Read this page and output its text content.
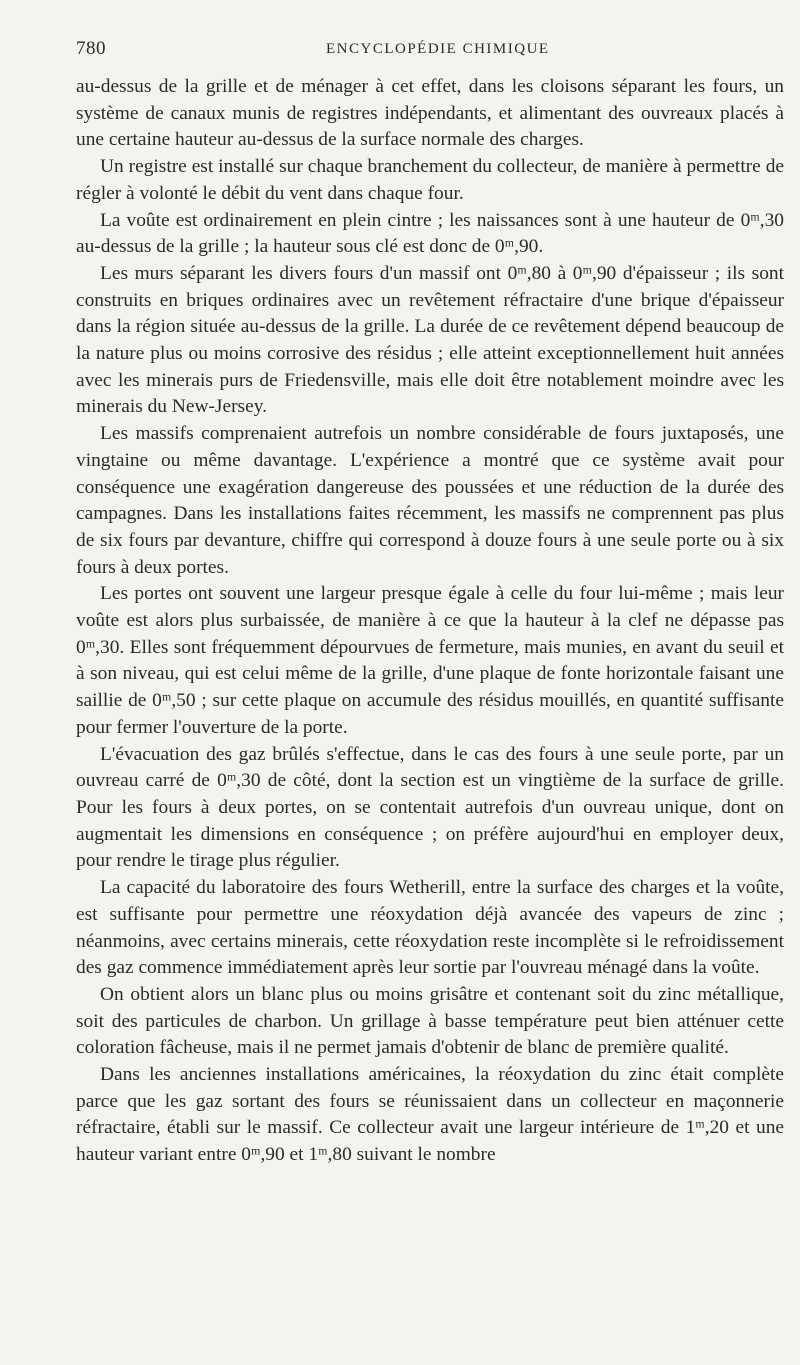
780	ENCYCLOPÉDIE CHIMIQUE

au-dessus de la grille et de ménager à cet effet, dans les cloisons séparant les fours, un système de canaux munis de registres indépendants, et alimentant des ouvreaux placés à une certaine hauteur au-dessus de la surface normale des charges.

Un registre est installé sur chaque branchement du collecteur, de manière à permettre de régler à volonté le débit du vent dans chaque four.

La voûte est ordinairement en plein cintre ; les naissances sont à une hauteur de 0ᵐ,30 au-dessus de la grille ; la hauteur sous clé est donc de 0ᵐ,90.

Les murs séparant les divers fours d'un massif ont 0ᵐ,80 à 0ᵐ,90 d'épaisseur ; ils sont construits en briques ordinaires avec un revêtement réfractaire d'une brique d'épaisseur dans la région située au-dessus de la grille. La durée de ce revêtement dépend beaucoup de la nature plus ou moins corrosive des résidus ; elle atteint exceptionnellement huit années avec les minerais purs de Friedensville, mais elle doit être notablement moindre avec les minerais du New-Jersey.

Les massifs comprenaient autrefois un nombre considérable de fours juxtaposés, une vingtaine ou même davantage. L'expérience a montré que ce système avait pour conséquence une exagération dangereuse des poussées et une réduction de la durée des campagnes. Dans les installations faites récemment, les massifs ne comprennent pas plus de six fours par devanture, chiffre qui correspond à douze fours à une seule porte ou à six fours à deux portes.

Les portes ont souvent une largeur presque égale à celle du four lui-même ; mais leur voûte est alors plus surbaissée, de manière à ce que la hauteur à la clef ne dépasse pas 0ᵐ,30. Elles sont fréquemment dépourvues de fermeture, mais munies, en avant du seuil et à son niveau, qui est celui même de la grille, d'une plaque de fonte horizontale faisant une saillie de 0ᵐ,50 ; sur cette plaque on accumule des résidus mouillés, en quantité suffisante pour fermer l'ouverture de la porte.

L'évacuation des gaz brûlés s'effectue, dans le cas des fours à une seule porte, par un ouvreau carré de 0ᵐ,30 de côté, dont la section est un vingtième de la surface de grille. Pour les fours à deux portes, on se contentait autrefois d'un ouvreau unique, dont on augmentait les dimensions en conséquence ; on préfère aujourd'hui en employer deux, pour rendre le tirage plus régulier.

La capacité du laboratoire des fours Wetherill, entre la surface des charges et la voûte, est suffisante pour permettre une réoxydation déjà avancée des vapeurs de zinc ; néanmoins, avec certains minerais, cette réoxydation reste incomplète si le refroidissement des gaz commence immédiatement après leur sortie par l'ouvreau ménagé dans la voûte.

On obtient alors un blanc plus ou moins grisâtre et contenant soit du zinc métallique, soit des particules de charbon. Un grillage à basse température peut bien atténuer cette coloration fâcheuse, mais il ne permet jamais d'obtenir de blanc de première qualité.

Dans les anciennes installations américaines, la réoxydation du zinc était complète parce que les gaz sortant des fours se réunissaient dans un collecteur en maçonnerie réfractaire, établi sur le massif. Ce collecteur avait une largeur intérieure de 1ᵐ,20 et une hauteur variant entre 0ᵐ,90 et 1ᵐ,80 suivant le nombre
